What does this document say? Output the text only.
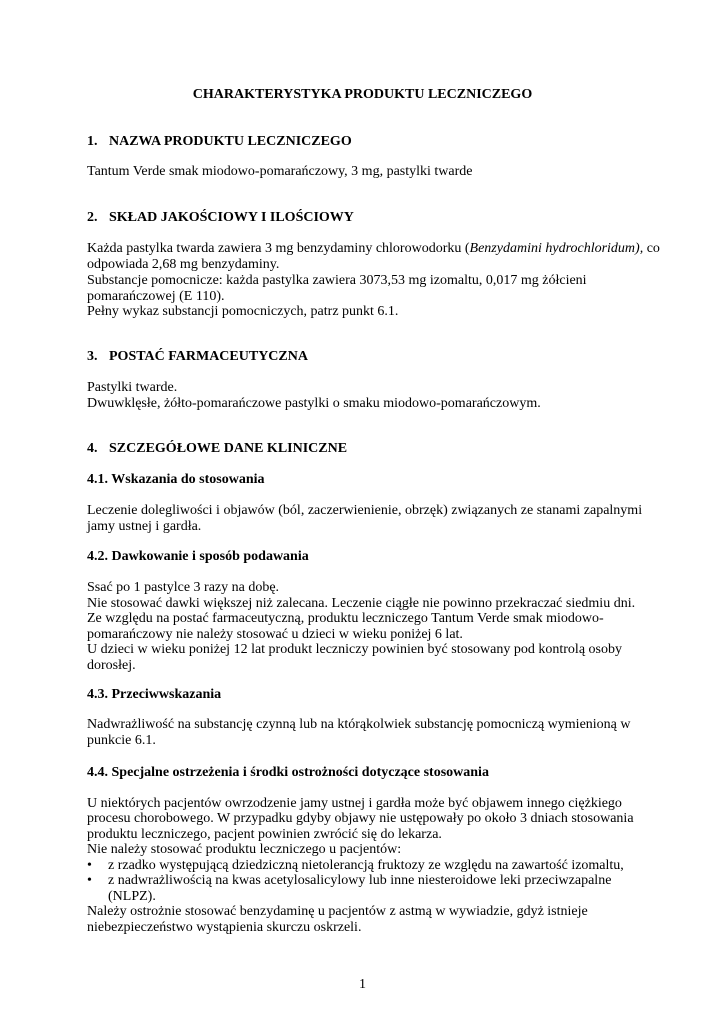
CHARAKTERYSTYKA PRODUKTU LECZNICZEGO

1. NAZWA PRODUKTU LECZNICZEGO

Tantum Verde smak miodowo-pomarańczowy, 3 mg, pastylki twarde

2. SKŁAD JAKOŚCIOWY I ILOŚCIOWY

Każda pastylka twarda zawiera 3 mg benzydaminy chlorowodorku (Benzydamini hydrochloridum), co

odpowiada 2,68 mg benzydaminy.

Substancje pomocnicze: każda pastylka zawiera 3073,53 mg izomaltu, 0,017 mg żółcieni

pomarańczowej (E 110).

Pełny wykaz substancji pomocniczych, patrz punkt 6.1.

3. POSTAĆ FARMACEUTYCZNA

Pastylki twarde.

Dwuwklęsłe, żółto-pomarańczowe pastylki o smaku miodowo-pomarańczowym.

4. SZCZEGÓŁOWE DANE KLINICZNE

4.1. Wskazania do stosowania

Leczenie dolegliwości i objawów (ból, zaczerwienienie, obrzęk) związanych ze stanami zapalnymi

jamy ustnej i gardła.

4.2. Dawkowanie i sposób podawania

Ssać po 1 pastylce 3 razy na dobę.

Nie stosować dawki większej niż zalecana. Leczenie ciągłe nie powinno przekraczać siedmiu dni.

Ze względu na postać farmaceutyczną, produktu leczniczego Tantum Verde smak miodowo-

pomarańczowy nie należy stosować u dzieci w wieku poniżej 6 lat.

U dzieci w wieku poniżej 12 lat produkt leczniczy powinien być stosowany pod kontrolą osoby

dorosłej.

4.3. Przeciwwskazania

Nadwrażliwość na substancję czynną lub na którąkolwiek substancję pomocniczą wymienioną w

punkcie 6.1.

4.4. Specjalne ostrzeżenia i środki ostrożności dotyczące stosowania

U niektórych pacjentów owrzodzenie jamy ustnej i gardła może być objawem innego ciężkiego

procesu chorobowego. W przypadku gdyby objawy nie ustępowały po około 3 dniach stosowania

produktu leczniczego, pacjent powinien zwrócić się do lekarza.

Nie należy stosować produktu leczniczego u pacjentów:

• z rzadko występującą dziedziczną nietolerancją fruktozy ze względu na zawartość izomaltu,

• z nadwrażliwością na kwas acetylosalicylowy lub inne niesteroidowe leki przeciwzapalne

(NLPZ).

Należy ostrożnie stosować benzydaminę u pacjentów z astmą w wywiadzie, gdyż istnieje

niebezpieczeństwo wystąpienia skurczu oskrzeli.

1
